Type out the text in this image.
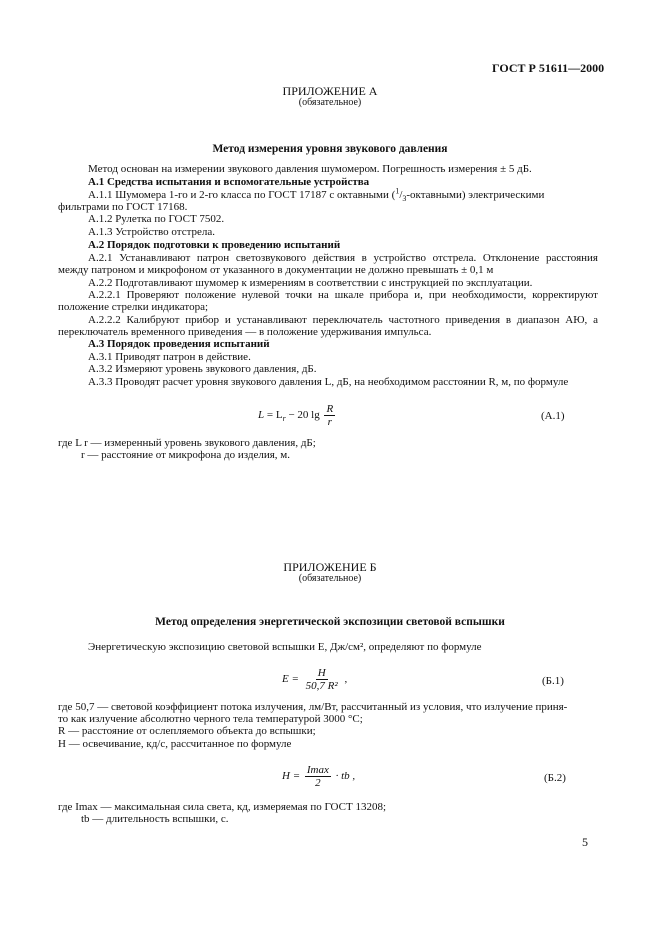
ГОСТ Р 51611—2000
ПРИЛОЖЕНИЕ А
(обязательное)
Метод измерения уровня звукового давления
Метод основан на измерении звукового давления шумомером. Погрешность измерения ± 5 дБ.
А.1 Средства испытания и вспомогательные устройства
А.1.1 Шумомера 1-го и 2-го класса по ГОСТ 17187 с октавными $(^1/_3-октавными)$ электрическими
фильтрами по ГОСТ 17168.
А.1.2 Рулетка по ГОСТ 7502.
А.1.3 Устройство отстрела.
А.2 Порядок подготовки к проведению испытаний
А.2.1 Устанавливают патрон светозвукового действия в устройство отстрела. Отклонение расстояния
между патроном и микрофоном от указанного в документации не должно превышать ± 0,1 м
А.2.2 Подготавливают шумомер к измерениям в соответствии с инструкцией по эксплуатации.
А.2.2.1 Проверяют положение нулевой точки на шкале прибора и, при необходимости, корректируют
положение стрелки индикатора;
А.2.2.2 Калибруют прибор и устанавливают переключатель частотного приведения в диапазон АЮ, а
переключатель временного приведения — в положение удерживания импульса.
А.3 Порядок проведения испытаний
А.3.1 Приводят патрон в действие.
А.3.2 Измеряют уровень звукового давления, дБ.
А.3.3 Проводят расчет уровня звукового давления L, дБ, на необходимом расстоянии R, м, по формуле
$L = L_r - 20$ $\lg \frac{R}{r}$	(А.1)
где L r — измеренный уровень звукового давления, дБ;
r — расстояние от микрофона до изделия, м.
ПРИЛОЖЕНИЕ Б
(обязательное)
Метод определения энергетической экспозиции световой вспышки
Энергетическую экспозицию световой вспышки E, Дж/см², определяют по формуле
$E = \frac{H}{\text{50,7 R²}}$ ,	(Б.1)
где 50,7 — световой коэффициент потока излучения, лм/Вт, рассчитанный из условия, что излучение приня-
то как излучение абсолютно черного тела температурой 3000 °С;
R — расстояние от ослепляемого объекта до вспышки;
H — освечивание, кд/с, рассчитанное по формуле
$H = \frac{Imax}{2}$ · tb ,	(Б.2)
где Imax — максимальная сила света, кд, измеряемая по ГОСТ 13208;
tb — длительность вспышки, с.
5
